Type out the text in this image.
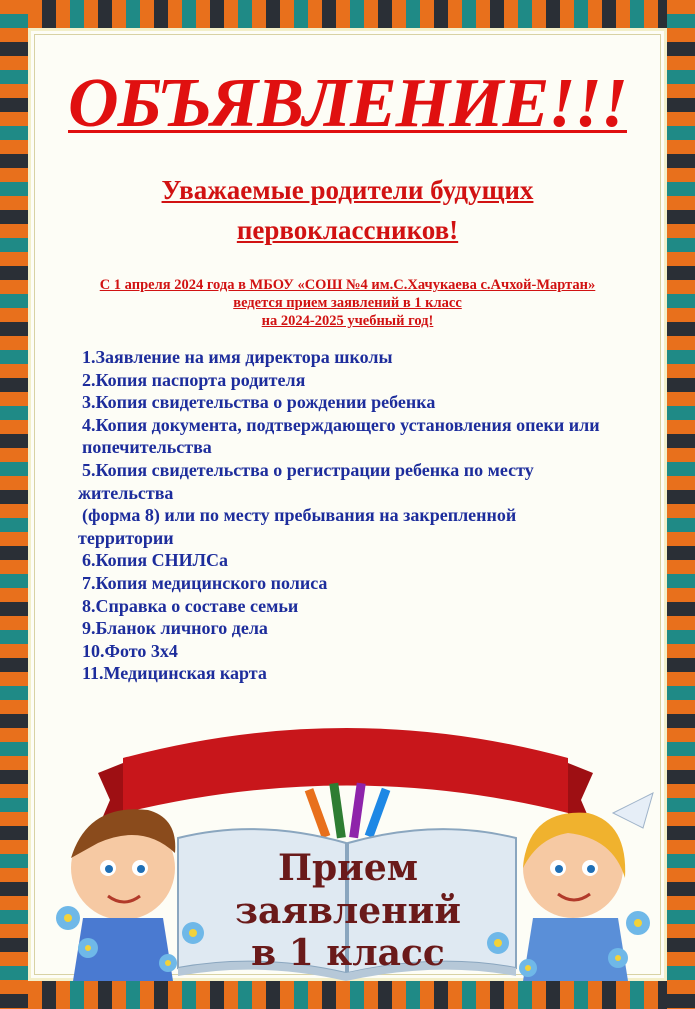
ОБЪЯВЛЕНИЕ!!!
Уважаемые родители будущих
первоклассников!
С 1 апреля 2024 года в МБОУ «СОШ №4 им.С.Хачукаева с.Ачхой-Мартан»
ведется прием заявлений в 1 класс
на 2024-2025 учебный год!
1.Заявление на имя директора школы
2.Копия паспорта родителя
3.Копия свидетельства о рождении ребенка
4.Копия документа, подтверждающего установления опеки или
попечительства
5.Копия свидетельства о регистрации ребенка по месту
жительства
(форма 8) или по месту пребывания на закрепленной
территории
6.Копия СНИЛСа
7.Копия медицинского полиса
8.Справка о составе семьи
9.Бланок личного дела
10.Фото 3х4
11.Медицинская карта
Прием
заявлений
в 1 класс
